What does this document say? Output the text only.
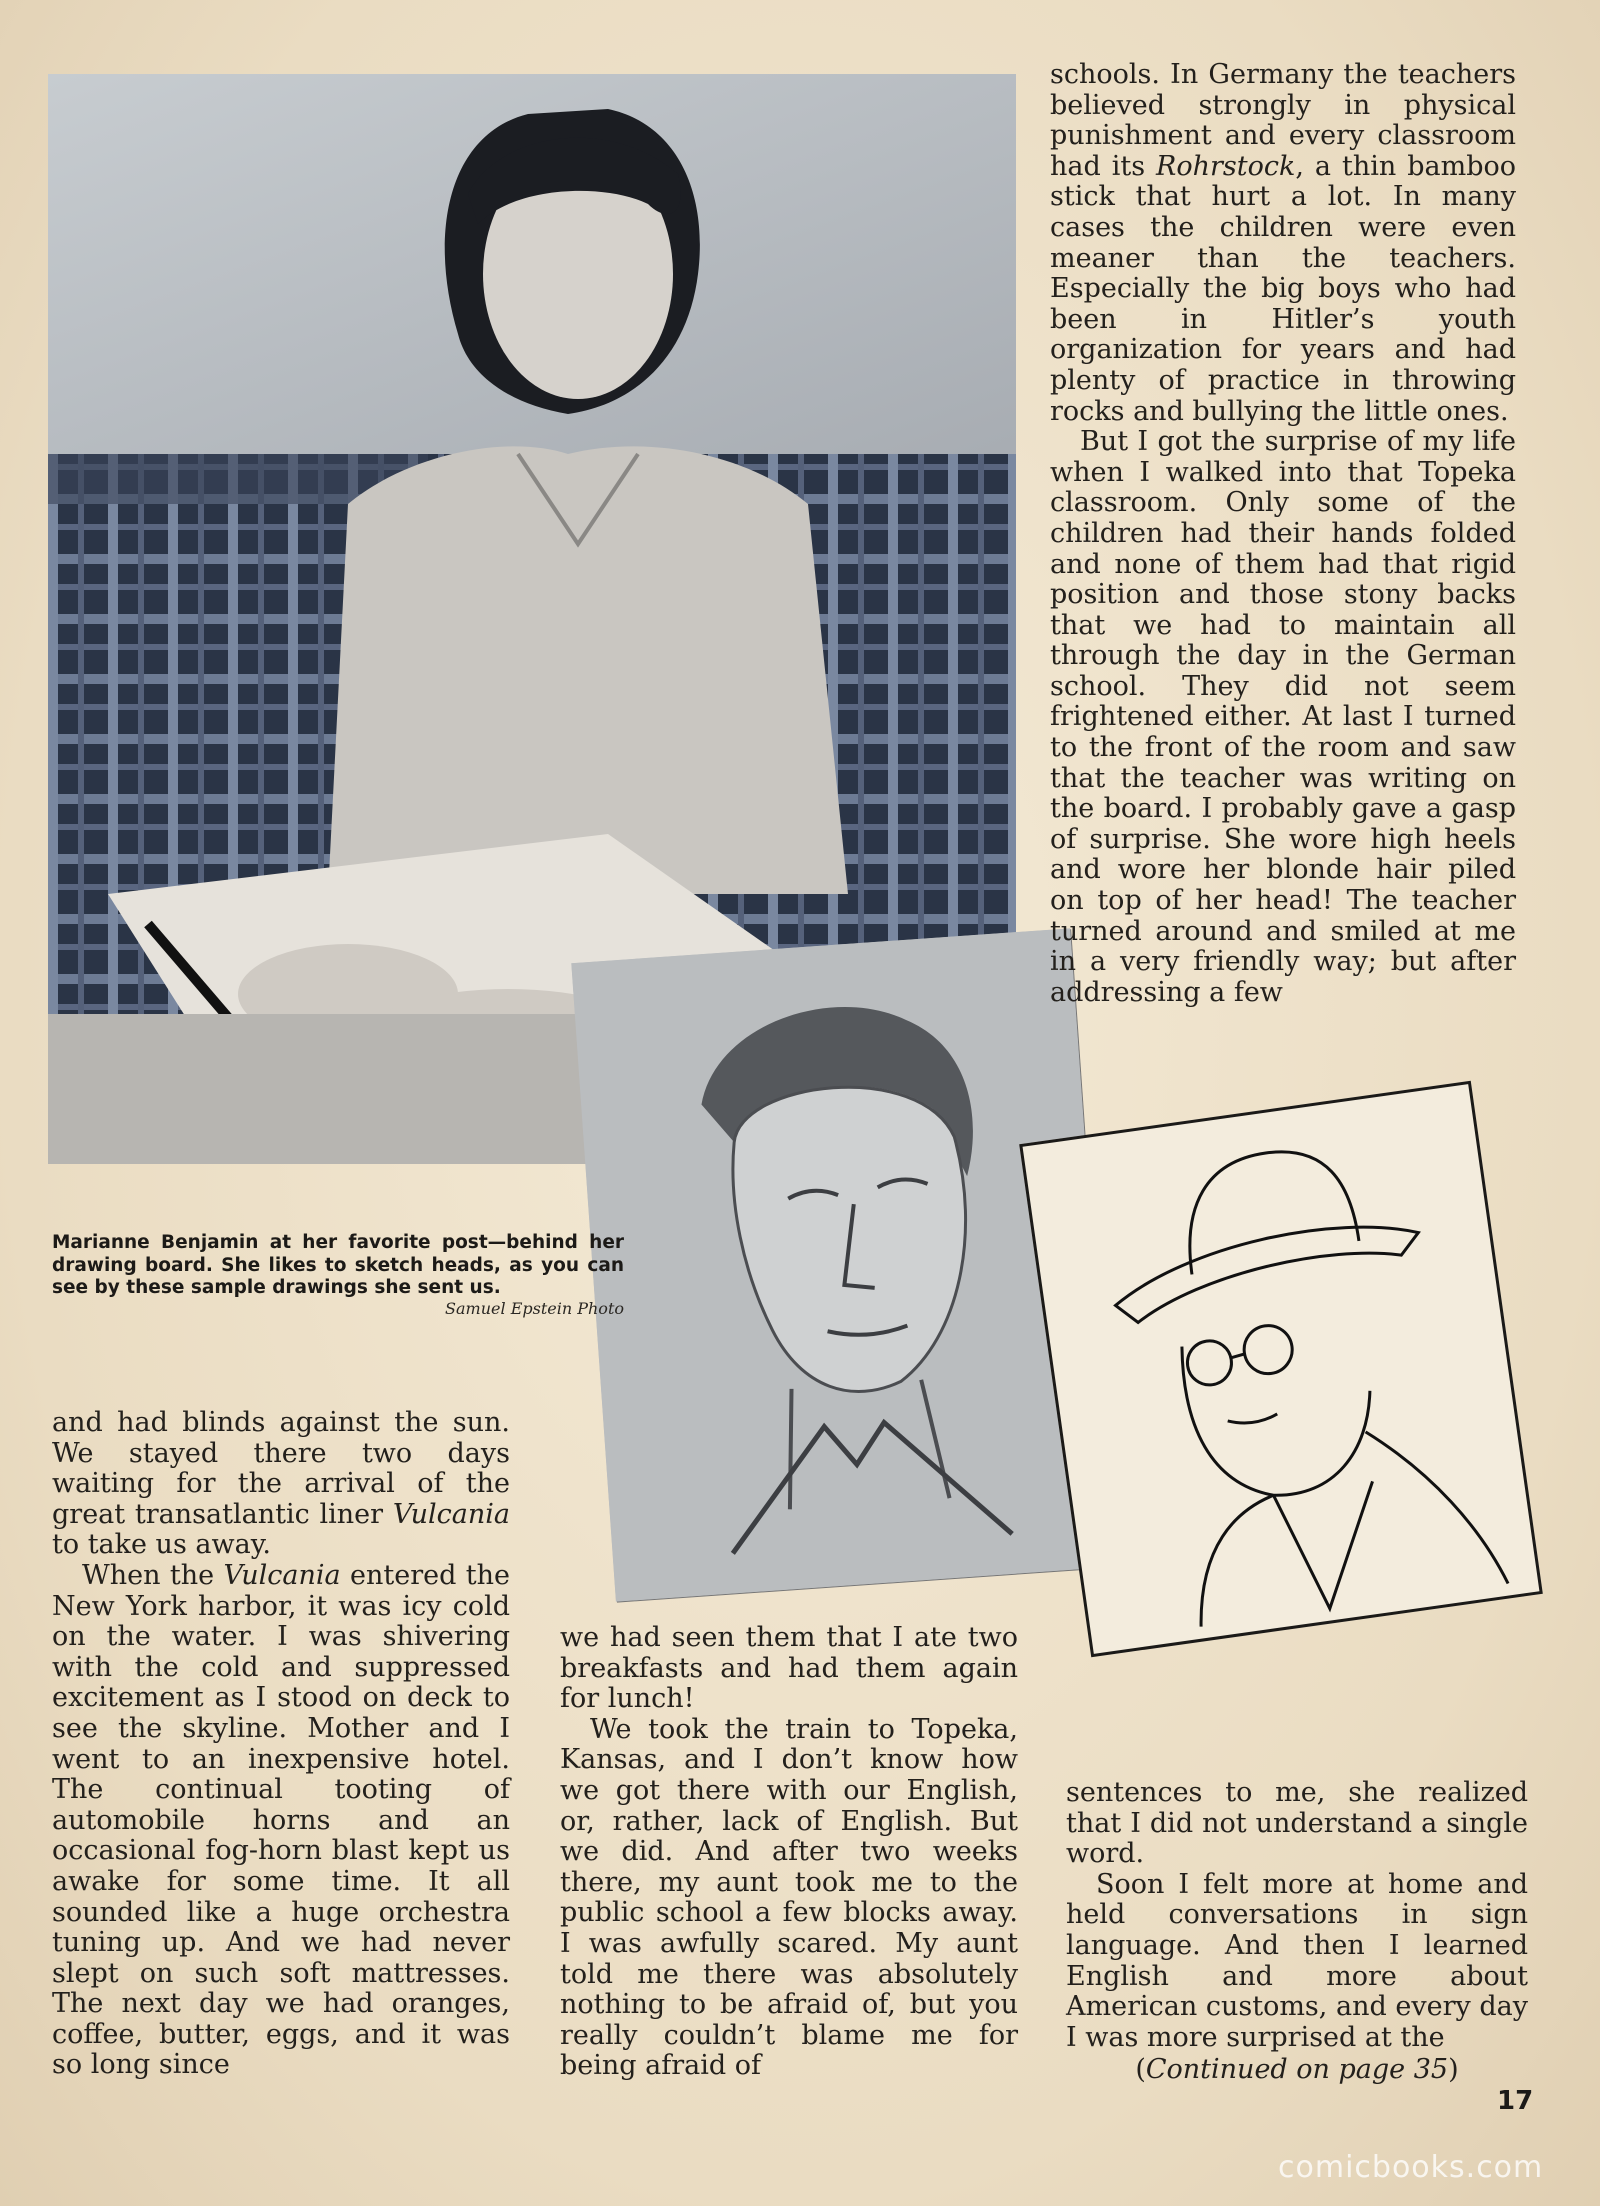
schools. In Germany the teachers believed strongly in physical punishment and every classroom had its Rohrstock, a thin bamboo stick that hurt a lot. In many cases the children were even meaner than the teachers. Especially the big boys who had been in Hitler’s youth organization for years and had plenty of practice in throwing rocks and bullying the little ones.

But I got the surprise of my life when I walked into that Topeka classroom. Only some of the children had their hands folded and none of them had that rigid position and those stony backs that we had to maintain all through the day in the German school. They did not seem frightened either. At last I turned to the front of the room and saw that the teacher was writing on the board. I probably gave a gasp of surprise. She wore high heels and wore her blonde hair piled on top of her head! The teacher turned around and smiled at me in a very friendly way; but after addressing a few

Marianne Benjamin at her favorite post—behind her drawing board. She likes to sketch heads, as you can see by these sample drawings she sent us.
Samuel Epstein Photo

and had blinds against the sun. We stayed there two days waiting for the arrival of the great transatlantic liner Vulcania to take us away.

When the Vulcania entered the New York harbor, it was icy cold on the water. I was shivering with the cold and suppressed excitement as I stood on deck to see the skyline. Mother and I went to an inexpensive hotel. The continual tooting of automobile horns and an occasional fog-horn blast kept us awake for some time. It all sounded like a huge orchestra tuning up. And we had never slept on such soft mattresses. The next day we had oranges, coffee, butter, eggs, and it was so long since

we had seen them that I ate two breakfasts and had them again for lunch!

We took the train to Topeka, Kansas, and I don’t know how we got there with our English, or, rather, lack of English. But we did. And after two weeks there, my aunt took me to the public school a few blocks away. I was awfully scared. My aunt told me there was absolutely nothing to be afraid of, but you really couldn’t blame me for being afraid of

sentences to me, she realized that I did not understand a single word.

Soon I felt more at home and held conversations in sign language. And then I learned English and more about American customs, and every day I was more surprised at the

(Continued on page 35)

17
comicbooks.com
